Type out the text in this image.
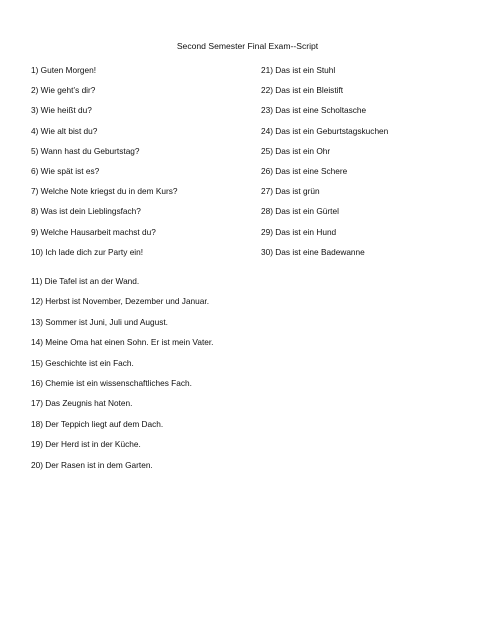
Second Semester Final Exam--Script
1) Guten Morgen!
2) Wie geht’s dir?
3) Wie heißt du?
4) Wie alt bist du?
5) Wann hast du Geburtstag?
6) Wie spät ist es?
7) Welche Note kriegst du in dem Kurs?
8) Was ist dein Lieblingsfach?
9) Welche Hausarbeit machst du?
10) Ich lade dich zur Party ein!
21) Das ist ein Stuhl
22) Das ist ein Bleistift
23) Das ist eine Scholtasche
24) Das ist ein Geburtstagskuchen
25) Das ist ein Ohr
26) Das ist eine Schere
27) Das ist grün
28) Das ist ein Gürtel
29) Das ist ein Hund
30) Das ist eine Badewanne
11) Die Tafel ist an der Wand.
12) Herbst ist November, Dezember und Januar.
13) Sommer ist Juni, Juli und August.
14) Meine Oma hat einen Sohn. Er ist mein Vater.
15) Geschichte ist ein Fach.
16) Chemie ist ein wissenschaftliches Fach.
17) Das Zeugnis hat Noten.
18) Der Teppich liegt auf dem Dach.
19) Der Herd ist in der Küche.
20) Der Rasen ist in dem Garten.
